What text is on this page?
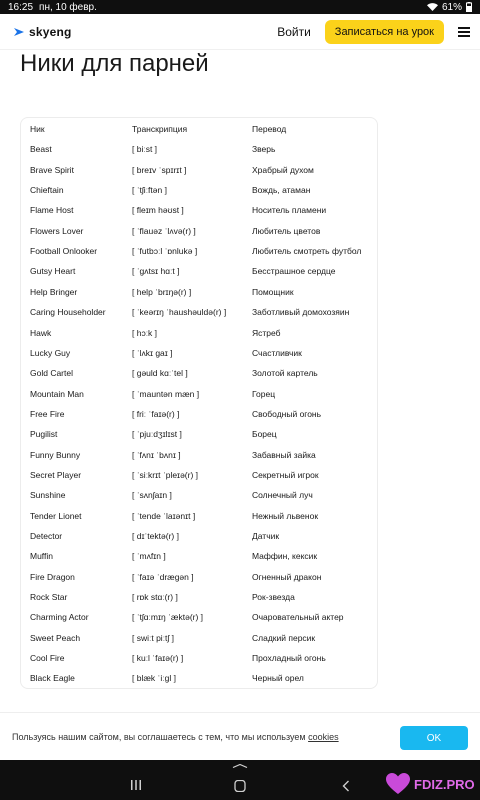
16:25 пн, 10 февр.	61%
skyeng	Войти	Записаться на урок
Ники для парней
Ник	Транскрипция	Перевод
Beast	[ biːst ]	Зверь
Brave Spirit	[ breɪv ˈspɪrɪt ]	Храбрый духом
Chieftain	[ ˈtʃiːftən ]	Вождь, атаман
Flame Host	[ fleɪm həʊst ]	Носитель пламени
Flowers Lover	[ ˈflauəz ˈlʌvə(r) ]	Любитель цветов
Football Onlooker	[ ˈfutbɔːl ˈɒnlukə ]	Любитель смотреть футбол
Gutsy Heart	[ ˈɡʌtsɪ hɑːt ]	Бесстрашное сердце
Help Bringer	[ help ˈbrɪŋə(r) ]	Помощник
Caring Householder	[ ˈkeərɪŋ ˈhaushəuldə(r) ]	Заботливый домохозяин
Hawk	[ hɔːk ]	Ястреб
Lucky Guy	[ ˈlʌkɪ ɡaɪ ]	Счастливчик
Gold Cartel	[ ɡəuld kɑːˈtel ]	Золотой картель
Mountain Man	[ ˈmauntən mæn ]	Горец
Free Fire	[ friː ˈfaɪə(r) ]	Свободный огонь
Pugilist	[ ˈpjuːdʒɪlɪst ]	Борец
Funny Bunny	[ ˈfʌnɪ ˈbʌnɪ ]	Забавный зайка
Secret Player	[ ˈsiːkrɪt ˈpleɪə(r) ]	Секретный игрок
Sunshine	[ ˈsʌnʃaɪn ]	Солнечный луч
Tender Lionet	[ ˈtende ˈlaɪənɪt ]	Нежный львенок
Detector	[ dɪˈtektə(r) ]	Датчик
Muffin	[ ˈmʌfɪn ]	Маффин, кексик
Fire Dragon	[ ˈfaɪə ˈdræɡən ]	Огненный дракон
Rock Star	[ rɒk stɑː(r) ]	Рок-звезда
Charming Actor	[ ˈtʃɑːmɪŋ ˈæktə(r) ]	Очаровательный актер
Sweet Peach	[ swiːt piːtʃ ]	Сладкий персик
Cool Fire	[ kuːl ˈfaɪə(r) ]	Прохладный огонь
Black Eagle	[ blæk ˈiːɡl ]	Черный орел
Пользуясь нашим сайтом, вы соглашаетесь с тем, что мы используем cookies	OK
FDIZ.PRO
